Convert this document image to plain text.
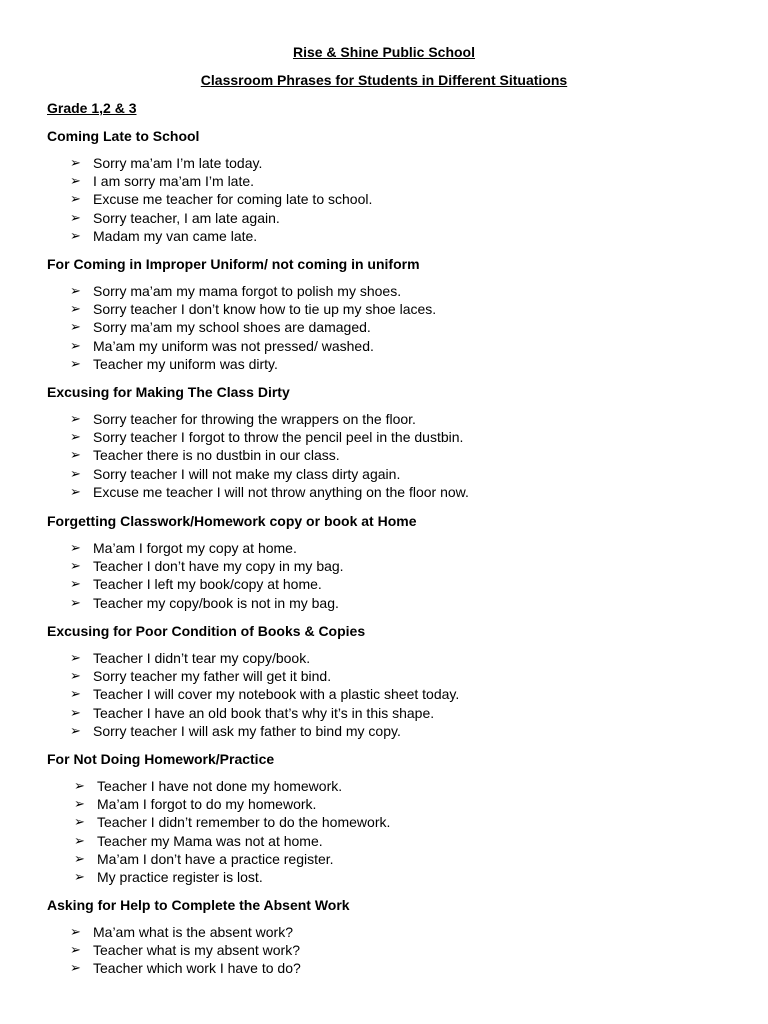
Rise & Shine Public School
Classroom Phrases for Students in Different Situations
Grade 1,2 & 3
Coming Late to School
➢ Sorry ma’am I’m late today.
➢ I am sorry ma’am I’m late.
➢ Excuse me teacher for coming late to school.
➢ Sorry teacher, I am late again.
➢ Madam my van came late.
For Coming in Improper Uniform/ not coming in uniform
➢ Sorry ma’am my mama forgot to polish my shoes.
➢ Sorry teacher I don’t know how to tie up my shoe laces.
➢ Sorry ma’am my school shoes are damaged.
➢ Ma’am my uniform was not pressed/ washed.
➢ Teacher my uniform was dirty.
Excusing for Making The Class Dirty
➢ Sorry teacher for throwing the wrappers on the floor.
➢ Sorry teacher I forgot to throw the pencil peel in the dustbin.
➢ Teacher there is no dustbin in our class.
➢ Sorry teacher I will not make my class dirty again.
➢ Excuse me teacher I will not throw anything on the floor now.
Forgetting Classwork/Homework copy or book at Home
➢ Ma’am I forgot my copy at home.
➢ Teacher I don’t have my copy in my bag.
➢ Teacher I left my book/copy at home.
➢ Teacher my copy/book is not in my bag.
Excusing for Poor Condition of Books & Copies
➢ Teacher I didn’t tear my copy/book.
➢ Sorry teacher my father will get it bind.
➢ Teacher I will cover my notebook with a plastic sheet today.
➢ Teacher I have an old book that’s why it’s in this shape.
➢ Sorry teacher I will ask my father to bind my copy.
For Not Doing Homework/Practice
➢ Teacher I have not done my homework.
➢ Ma’am I forgot to do my homework.
➢ Teacher I didn’t remember to do the homework.
➢ Teacher my Mama was not at home.
➢ Ma’am I don’t have a practice register.
➢ My practice register is lost.
Asking for Help to Complete the Absent Work
➢ Ma’am what is the absent work?
➢ Teacher what is my absent work?
➢ Teacher which work I have to do?
